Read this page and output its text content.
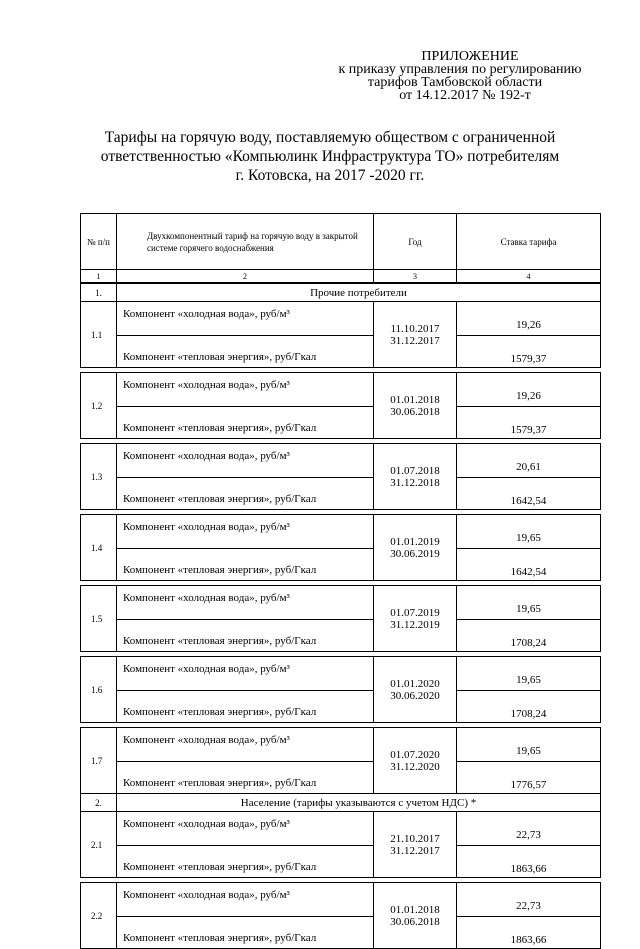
ПРИЛОЖЕНИЕ
к приказу управления по регулированию
тарифов Тамбовской области
от 14.12.2017 № 192-т
Тарифы на горячую воду, поставляемую обществом с ограниченной
ответственностью «Компьюлинк Инфраструктура ТО» потребителям
г. Котовска, на 2017 -2020 гг.
№ п/п	Двухкомпонентный тариф на горячую воду в закрытой системе горячего водоснабжения	Год	Ставка тарифа
1	2	3	4
1.	Прочие потребители		
1.1	Компонент «холодная вода», руб/м³	11.10.2017
31.12.2017	19,26
	Компонент «тепловая энергия», руб/Гкал		1579,37

1.2	Компонент «холодная вода», руб/м³	01.01.2018
30.06.2018	19,26
	Компонент «тепловая энергия», руб/Гкал		1579,37

1.3	Компонент «холодная вода», руб/м³	01.07.2018
31.12.2018	20,61
	Компонент «тепловая энергия», руб/Гкал		1642,54

1.4	Компонент «холодная вода», руб/м³	01.01.2019
30.06.2019	19,65
	Компонент «тепловая энергия», руб/Гкал		1642,54

1.5	Компонент «холодная вода», руб/м³	01.07.2019
31.12.2019	19,65
	Компонент «тепловая энергия», руб/Гкал		1708,24

1.6	Компонент «холодная вода», руб/м³	01.01.2020
30.06.2020	19,65
	Компонент «тепловая энергия», руб/Гкал		1708,24

1.7	Компонент «холодная вода», руб/м³	01.07.2020
31.12.2020	19,65
	Компонент «тепловая энергия», руб/Гкал		1776,57
2.	Население (тарифы указываются с учетом НДС) *		
2.1	Компонент «холодная вода», руб/м³	21.10.2017
31.12.2017	22,73
	Компонент «тепловая энергия», руб/Гкал		1863,66

2.2	Компонент «холодная вода», руб/м³	01.01.2018
30.06.2018	22,73
	Компонент «тепловая энергия», руб/Гкал		1863,66
